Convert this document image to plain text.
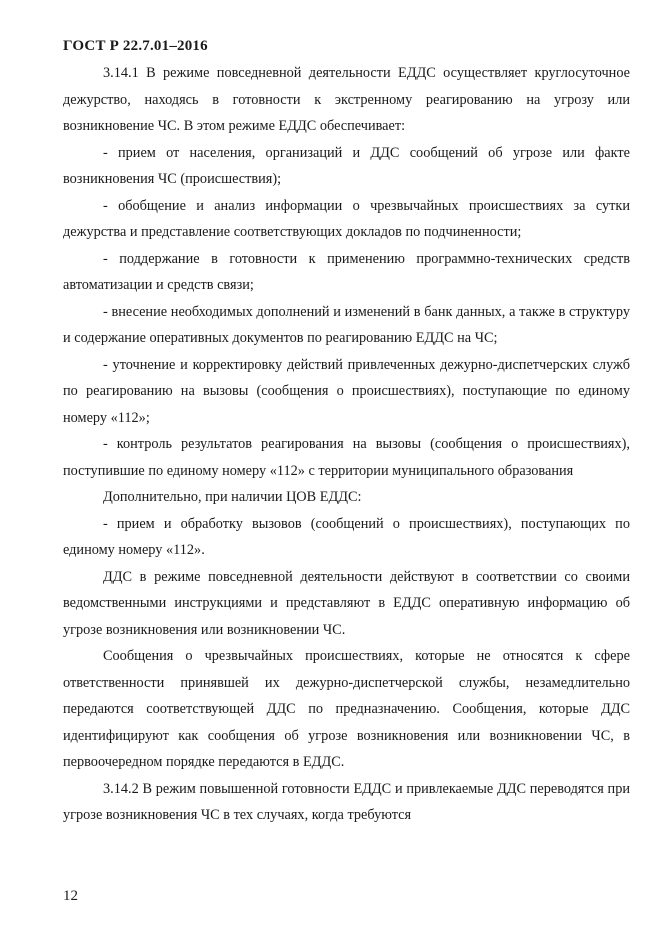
ГОСТ Р 22.7.01–2016

3.14.1 В режиме повседневной деятельности ЕДДС осуществляет круглосуточное дежурство, находясь в готовности к экстренному реагированию на угрозу или возникновение ЧС. В этом режиме ЕДДС обеспечивает:

- прием от населения, организаций и ДДС сообщений об угрозе или факте возникновения ЧС (происшествия);

- обобщение и анализ информации о чрезвычайных происшествиях за сутки дежурства и представление соответствующих докладов по подчиненности;

- поддержание в готовности к применению программно-технических средств автоматизации и средств связи;

- внесение необходимых дополнений и изменений в банк данных, а также в структуру и содержание оперативных документов по реагированию ЕДДС на ЧС;

- уточнение и корректировку действий привлеченных дежурно-диспетчерских служб по реагированию на вызовы (сообщения о происшествиях), поступающие по единому номеру «112»;

- контроль результатов реагирования на вызовы (сообщения о происшествиях), поступившие по единому номеру «112» с территории муниципального образования

Дополнительно, при наличии ЦОВ ЕДДС:

- прием и обработку вызовов (сообщений о происшествиях), поступающих по единому номеру «112».

ДДС в режиме повседневной деятельности действуют в соответствии со своими ведомственными инструкциями и представляют в ЕДДС оперативную информацию об угрозе возникновения или возникновении ЧС.

Сообщения о чрезвычайных происшествиях, которые не относятся к сфере ответственности принявшей их дежурно-диспетчерской службы, незамедлительно передаются соответствующей ДДС по предназначению. Сообщения, которые ДДС идентифицируют как сообщения об угрозе возникновения или возникновении ЧС, в первоочередном порядке передаются в ЕДДС.

3.14.2 В режим повышенной готовности ЕДДС и привлекаемые ДДС переводятся при угрозе возникновения ЧС в тех случаях, когда требуются

12
